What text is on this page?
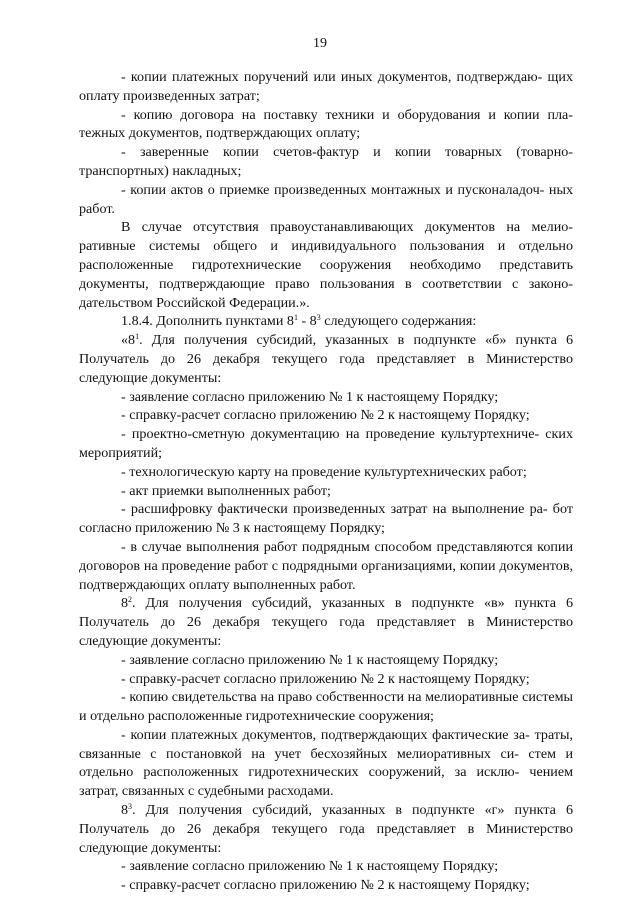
19

- копии платежных поручений или иных документов, подтверждаю- щих оплату произведенных затрат;

- копию договора на поставку техники и оборудования и копии пла- тежных документов, подтверждающих оплату;

- заверенные копии счетов-фактур и копии товарных (товарно- транспортных) накладных;

- копии актов о приемке произведенных монтажных и пусконаладоч- ных работ.

В случае отсутствия правоустанавливающих документов на мелио- ративные системы общего и индивидуального пользования и отдельно расположенные гидротехнические сооружения необходимо представить документы, подтверждающие право пользования в соответствии с законо- дательством Российской Федерации.».

1.8.4. Дополнить пунктами $8^1 - 8^3$ следующего содержания:

«$8^1$. Для получения субсидий, указанных в подпункте «б» пункта 6 Получатель до 26 декабря текущего года представляет в Министерство следующие документы:

- заявление согласно приложению № 1 к настоящему Порядку;

- справку-расчет согласно приложению № 2 к настоящему Порядку;

- проектно-сметную документацию на проведение культуртехниче- ских мероприятий;

- технологическую карту на проведение культуртехнических работ;

- акт приемки выполненных работ;

- расшифровку фактически произведенных затрат на выполнение ра- бот согласно приложению № 3 к настоящему Порядку;

- в случае выполнения работ подрядным способом представляются копии договоров на проведение работ с подрядными организациями, копии документов, подтверждающих оплату выполненных работ.

$8^2$. Для получения субсидий, указанных в подпункте «в» пункта 6 Получатель до 26 декабря текущего года представляет в Министерство следующие документы:

- заявление согласно приложению № 1 к настоящему Порядку;

- справку-расчет согласно приложению № 2 к настоящему Порядку;

- копию свидетельства на право собственности на мелиоративные системы и отдельно расположенные гидротехнические сооружения;

- копии платежных документов, подтверждающих фактические за- траты, связанные с постановкой на учет бесхозяйных мелиоративных си- стем и отдельно расположенных гидротехнических сооружений, за исклю- чением затрат, связанных с судебными расходами.

$8^3$. Для получения субсидий, указанных в подпункте «г» пункта 6 Получатель до 26 декабря текущего года представляет в Министерство следующие документы:

- заявление согласно приложению № 1 к настоящему Порядку;

- справку-расчет согласно приложению № 2 к настоящему Порядку;
